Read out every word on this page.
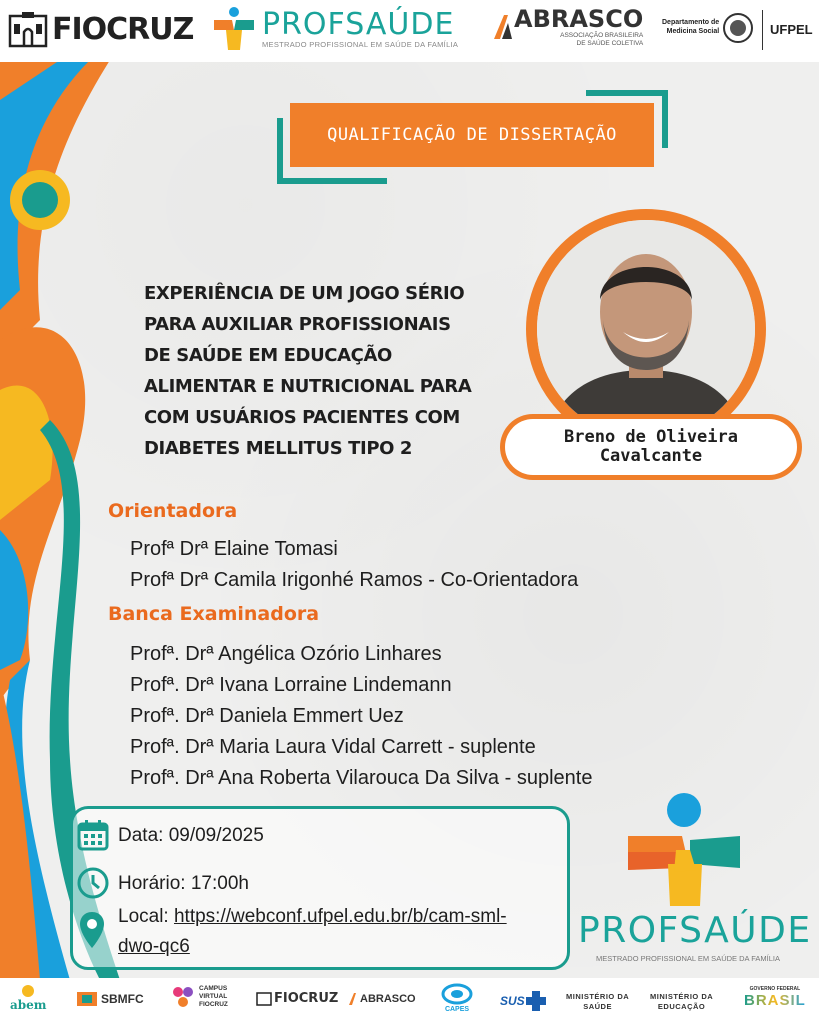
FIOCRUZ PROFSAÚDE
MESTRADO PROFISSIONAL EM SAÚDE DA FAMÍLIA
ABRASCO
ASSOCIAÇÃO BRASILEIRA
DE SAÚDE COLETIVA
Departamento de
Medicina Social	UFPEL
QUALIFICAÇÃO DE DISSERTAÇÃO
EXPERIÊNCIA DE UM JOGO SÉRIO
PARA AUXILIAR PROFISSIONAIS
DE SAÚDE EM EDUCAÇÃO
ALIMENTAR E NUTRICIONAL PARA
COM USUÁRIOS PACIENTES COM
DIABETES MELLITUS TIPO 2
Breno de Oliveira
Cavalcante
Orientadora
Profª Drª Elaine Tomasi
Profª Drª Camila Irigonhé Ramos - Co-Orientadora
Banca Examinadora
Profª. Drª Angélica Ozório Linhares
Profª. Drª Ivana Lorraine Lindemann
Profª. Drª Daniela Emmert Uez
Profª. Drª Maria Laura Vidal Carrett - suplente
Profª. Drª Ana Roberta Vilarouca Da Silva - suplente
Data: 09/09/2025
Horário: 17:00h
Local: https://webconf.ufpel.edu.br/b/cam-sml-
dwo-qc6	PROFSAÚDE
MESTRADO PROFISSIONAL EM SAÚDE DA FAMÍLIA
abem	SBMFC
CAMPUS
VIRTUAL
FIOCRUZ	FIOCRUZ ABRASCO
CAPES
SUS	MINISTÉRIO DA
SAÚDE
MINISTÉRIO DA
EDUCAÇÃO
GOVERNO FEDERAL
BRASIL
